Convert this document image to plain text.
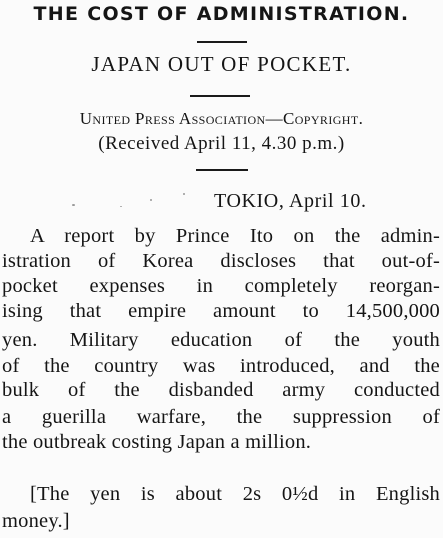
THE COST OF ADMINISTRATION.
JAPAN OUT OF POCKET.
United Press Association—Copyright.
(Received April 11, 4.30 p.m.)
TOKIO, April 10.
A report by Prince Ito on the admin-
istration of Korea discloses that out-of-
pocket expenses in completely reorgan-
ising that empire amount to 14,500,000
yen. Military education of the youth
of the country was introduced, and the
bulk of the disbanded army conducted
a guerilla warfare, the suppression of
the outbreak costing Japan a million.
[The yen is about 2s 0½d in English
money.]
